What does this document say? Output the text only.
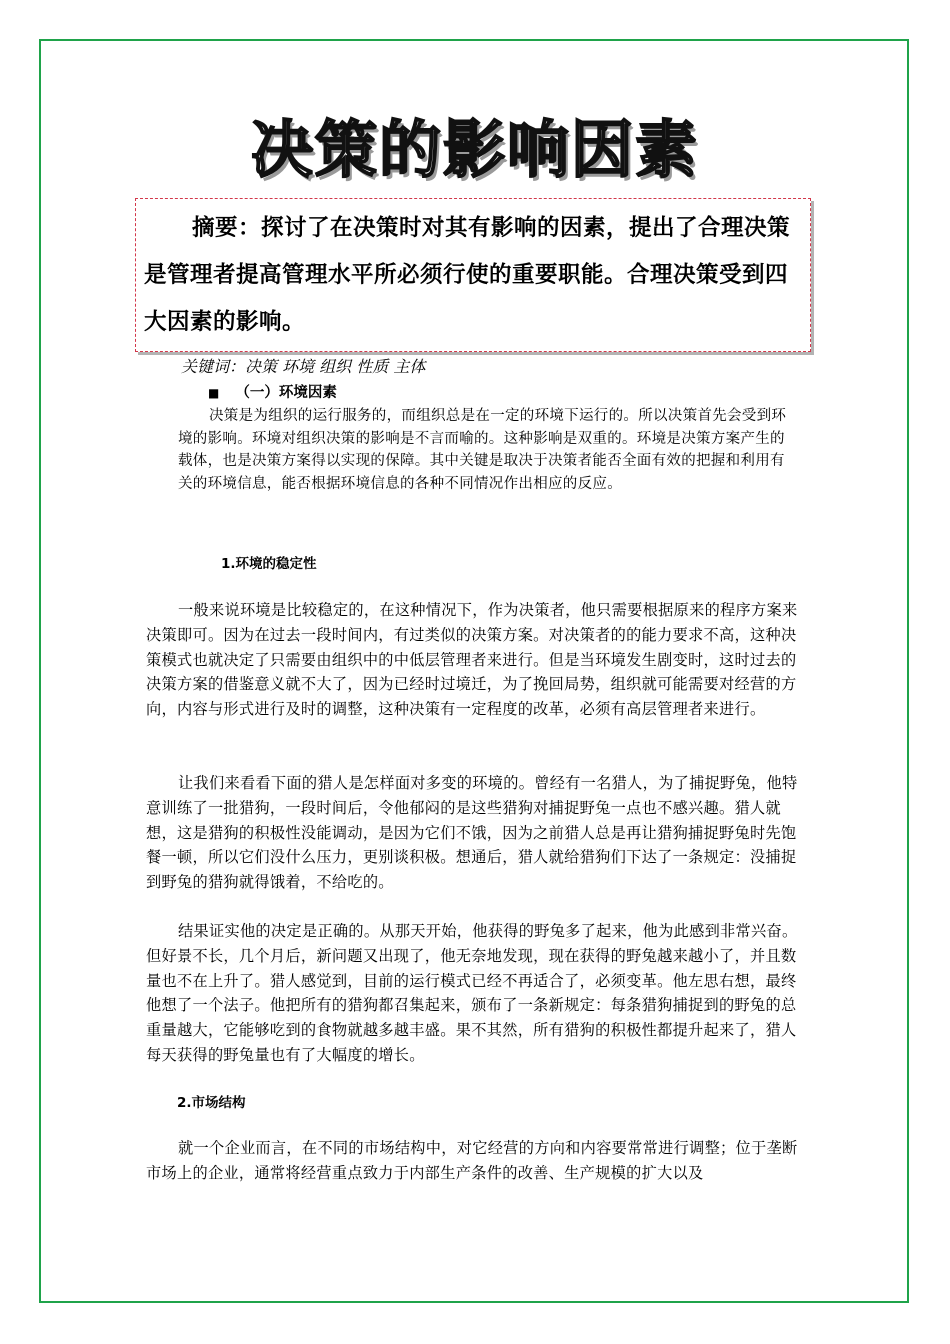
决策的影响因素
摘要：探讨了在决策时对其有影响的因素，提出了合理决策是管理者提高管理水平所必须行使的重要职能。合理决策受到四大因素的影响。
关键词：决策 环境 组织 性质 主体
■ （一）环境因素
决策是为组织的运行服务的，而组织总是在一定的环境下运行的。所以决策首先会受到环境的影响。环境对组织决策的影响是不言而喻的。这种影响是双重的。环境是决策方案产生的载体，也是决策方案得以实现的保障。其中关键是取决于决策者能否全面有效的把握和利用有关的环境信息，能否根据环境信息的各种不同情况作出相应的反应。
1.环境的稳定性
一般来说环境是比较稳定的，在这种情况下，作为决策者，他只需要根据原来的程序方案来决策即可。因为在过去一段时间内，有过类似的决策方案。对决策者的的能力要求不高，这种决策模式也就决定了只需要由组织中的中低层管理者来进行。但是当环境发生剧变时，这时过去的决策方案的借鉴意义就不大了，因为已经时过境迁，为了挽回局势，组织就可能需要对经营的方向，内容与形式进行及时的调整，这种决策有一定程度的改革，必须有高层管理者来进行。
让我们来看看下面的猎人是怎样面对多变的环境的。曾经有一名猎人，为了捕捉野兔，他特意训练了一批猎狗，一段时间后，令他郁闷的是这些猎狗对捕捉野兔一点也不感兴趣。猎人就想，这是猎狗的积极性没能调动，是因为它们不饿，因为之前猎人总是再让猎狗捕捉野兔时先饱餐一顿，所以它们没什么压力，更别谈积极。想通后，猎人就给猎狗们下达了一条规定：没捕捉到野兔的猎狗就得饿着，不给吃的。
结果证实他的决定是正确的。从那天开始，他获得的野兔多了起来，他为此感到非常兴奋。但好景不长，几个月后，新问题又出现了，他无奈地发现，现在获得的野兔越来越小了，并且数量也不在上升了。猎人感觉到，目前的运行模式已经不再适合了，必须变革。他左思右想，最终他想了一个法子。他把所有的猎狗都召集起来，颁布了一条新规定：每条猎狗捕捉到的野兔的总重量越大，它能够吃到的食物就越多越丰盛。果不其然，所有猎狗的积极性都提升起来了，猎人每天获得的野兔量也有了大幅度的增长。
2.市场结构
就一个企业而言，在不同的市场结构中，对它经营的方向和内容要常常进行调整；位于垄断市场上的企业，通常将经营重点致力于内部生产条件的改善、生产规模的扩大以及
